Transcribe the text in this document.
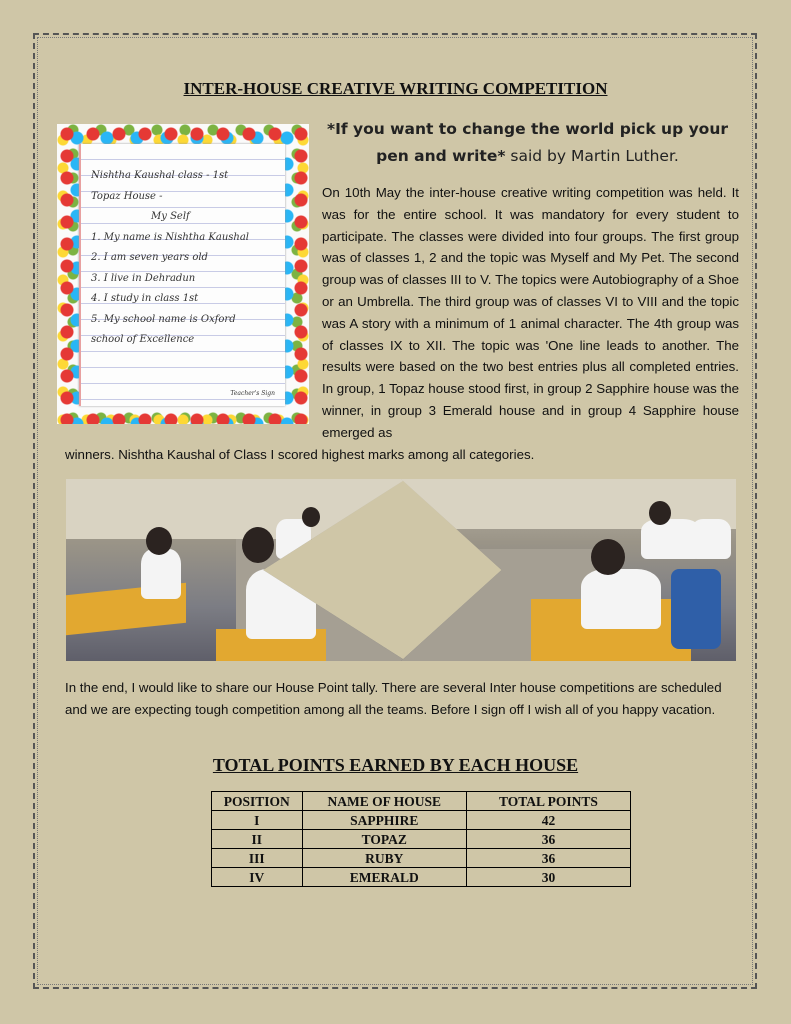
INTER-HOUSE CREATIVE WRITING COMPETITION
Nishtha Kaushal class - 1st
Topaz House -
My Self
1. My name is Nishtha Kaushal
2. I am seven years old
3. I live in Dehradun
4. I study in class 1st
5. My school name is Oxford
school of Excellence
Teacher's Sign
*If you want to change the world pick up your pen and write* said by Martin Luther.
On 10th May the inter-house creative writing competition was held. It was for the entire school. It was mandatory for every student to participate. The classes were divided into four groups. The first group was of classes 1, 2 and the topic was Myself and My Pet. The second group was of classes III to V. The topics were Autobiography of a Shoe or an Umbrella. The third group was of classes VI to VIII and the topic was A story with a minimum of 1 animal character. The 4th group was of classes IX to XII. The topic was 'One line leads to another. The results were based on the two best entries plus all completed entries. In group, 1 Topaz house stood first, in group 2 Sapphire house was the winner, in group 3 Emerald house and in group 4 Sapphire house emerged as
winners. Nishtha Kaushal of Class I scored highest marks among all categories.
In the end, I would like to share our House Point tally. There are several Inter house competitions are scheduled and we are expecting tough competition among all the teams. Before I sign off I wish all of you happy vacation.
TOTAL POINTS EARNED BY EACH HOUSE
POSITION	NAME OF HOUSE	TOTAL POINTS
I	SAPPHIRE	42
II	TOPAZ	36
III	RUBY	36
IV	EMERALD	30
